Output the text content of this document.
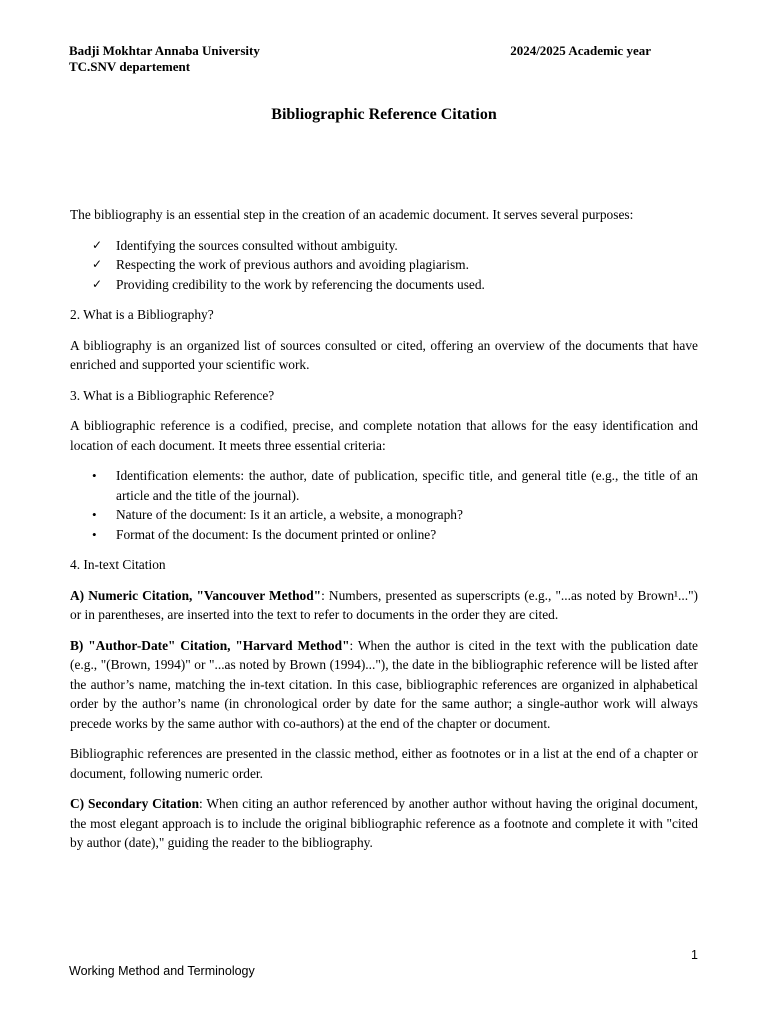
Badji Mokhtar Annaba University
TC.SNV departement
2024/2025 Academic year
Bibliographic Reference Citation

The bibliography is an essential step in the creation of an academic document. It serves several purposes:

✓ Identifying the sources consulted without ambiguity.
✓ Respecting the work of previous authors and avoiding plagiarism.
✓ Providing credibility to the work by referencing the documents used.

2. What is a Bibliography?

A bibliography is an organized list of sources consulted or cited, offering an overview of the documents that have enriched and supported your scientific work.

3. What is a Bibliographic Reference?

A bibliographic reference is a codified, precise, and complete notation that allows for the easy identification and location of each document. It meets three essential criteria:

• Identification elements: the author, date of publication, specific title, and general title (e.g., the title of an article and the title of the journal).
• Nature of the document: Is it an article, a website, a monograph?
• Format of the document: Is the document printed or online?

4. In-text Citation

A) Numeric Citation, "Vancouver Method": Numbers, presented as superscripts (e.g., "...as noted by Brown¹...") or in parentheses, are inserted into the text to refer to documents in the order they are cited.

B) "Author-Date" Citation, "Harvard Method": When the author is cited in the text with the publication date (e.g., "(Brown, 1994)" or "...as noted by Brown (1994)..."), the date in the bibliographic reference will be listed after the author’s name, matching the in-text citation. In this case, bibliographic references are organized in alphabetical order by the author’s name (in chronological order by date for the same author; a single-author work will always precede works by the same author with co-authors) at the end of the chapter or document.

Bibliographic references are presented in the classic method, either as footnotes or in a list at the end of a chapter or document, following numeric order.

C) Secondary Citation: When citing an author referenced by another author without having the original document, the most elegant approach is to include the original bibliographic reference as a footnote and complete it with "cited by author (date)," guiding the reader to the bibliography.

1
Working Method and Terminology
